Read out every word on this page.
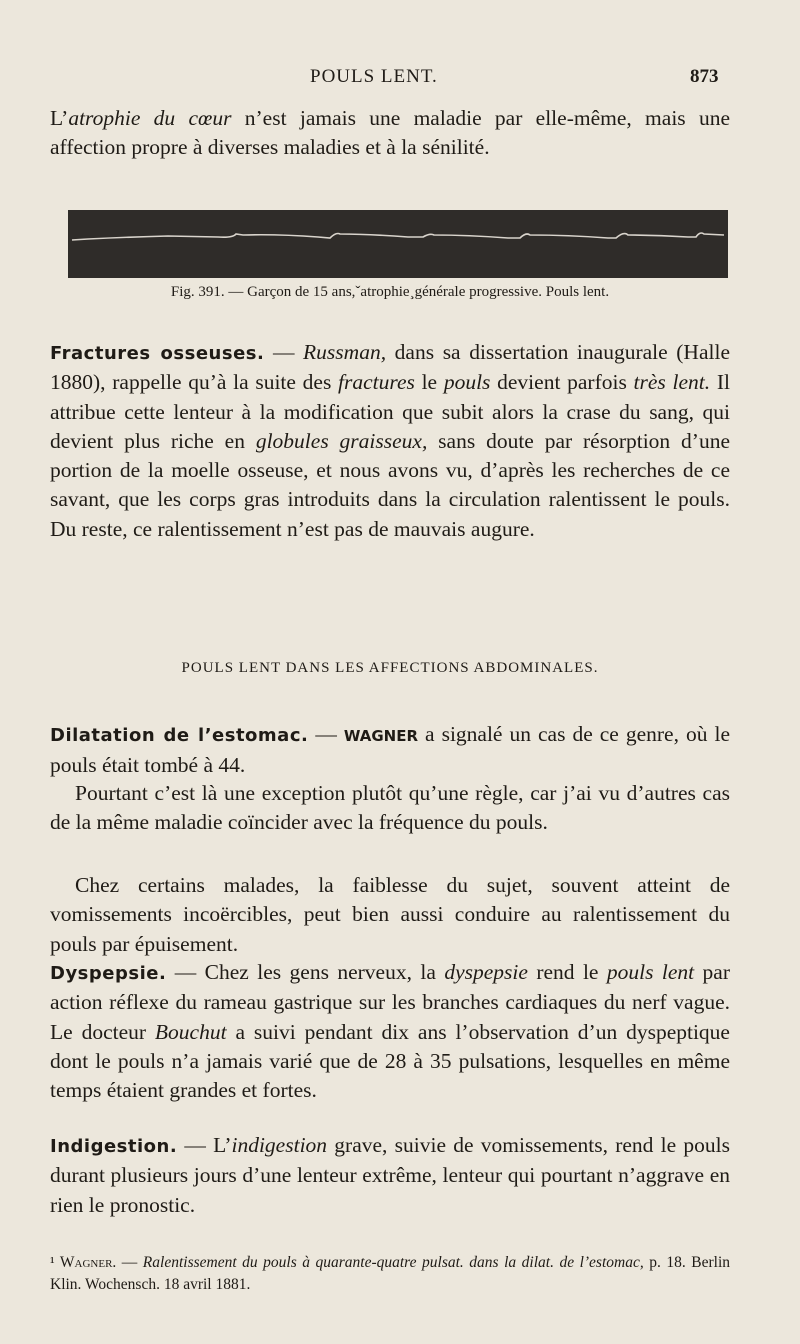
POULS LENT.	873
L’atrophie du cœur n’est jamais une maladie par elle-même, mais une affection propre à diverses maladies et à la sénilité.
Fig. 391. — Garçon de 15 ans,ˇatrophie¸générale progressive. Pouls lent.
Fractures osseuses. — Russman, dans sa dissertation inaugurale (Halle 1880), rappelle qu’à la suite des fractures le pouls devient parfois très lent. Il attribue cette lenteur à la modification que subit alors la crase du sang, qui devient plus riche en globules graisseux, sans doute par résorption d’une portion de la moelle osseuse, et nous avons vu, d’après les recherches de ce savant, que les corps gras introduits dans la circulation ralentissent le pouls. Du reste, ce ralentissement n’est pas de mauvais augure.
POULS LENT DANS LES AFFECTIONS ABDOMINALES.
Dilatation de l’estomac. — WAGNER a signalé un cas de ce genre, où le pouls était tombé à 44.
Pourtant c’est là une exception plutôt qu’une règle, car j’ai vu d’autres cas de la même maladie coïncider avec la fréquence du pouls.
Chez certains malades, la faiblesse du sujet, souvent atteint de vomissements incoërcibles, peut bien aussi conduire au ralentissement du pouls par épuisement.
Dyspepsie. — Chez les gens nerveux, la dyspepsie rend le pouls lent par action réflexe du rameau gastrique sur les branches cardiaques du nerf vague. Le docteur Bouchut a suivi pendant dix ans l’observation d’un dyspeptique dont le pouls n’a jamais varié que de 28 à 35 pulsations, lesquelles en même temps étaient grandes et fortes.
Indigestion. — L’indigestion grave, suivie de vomissements, rend le pouls durant plusieurs jours d’une lenteur extrême, lenteur qui pourtant n’aggrave en rien le pronostic.
¹ Wagner. — Ralentissement du pouls à quarante-quatre pulsat. dans la dilat. de l’estomac, p. 18. Berlin Klin. Wochensch. 18 avril 1881.
